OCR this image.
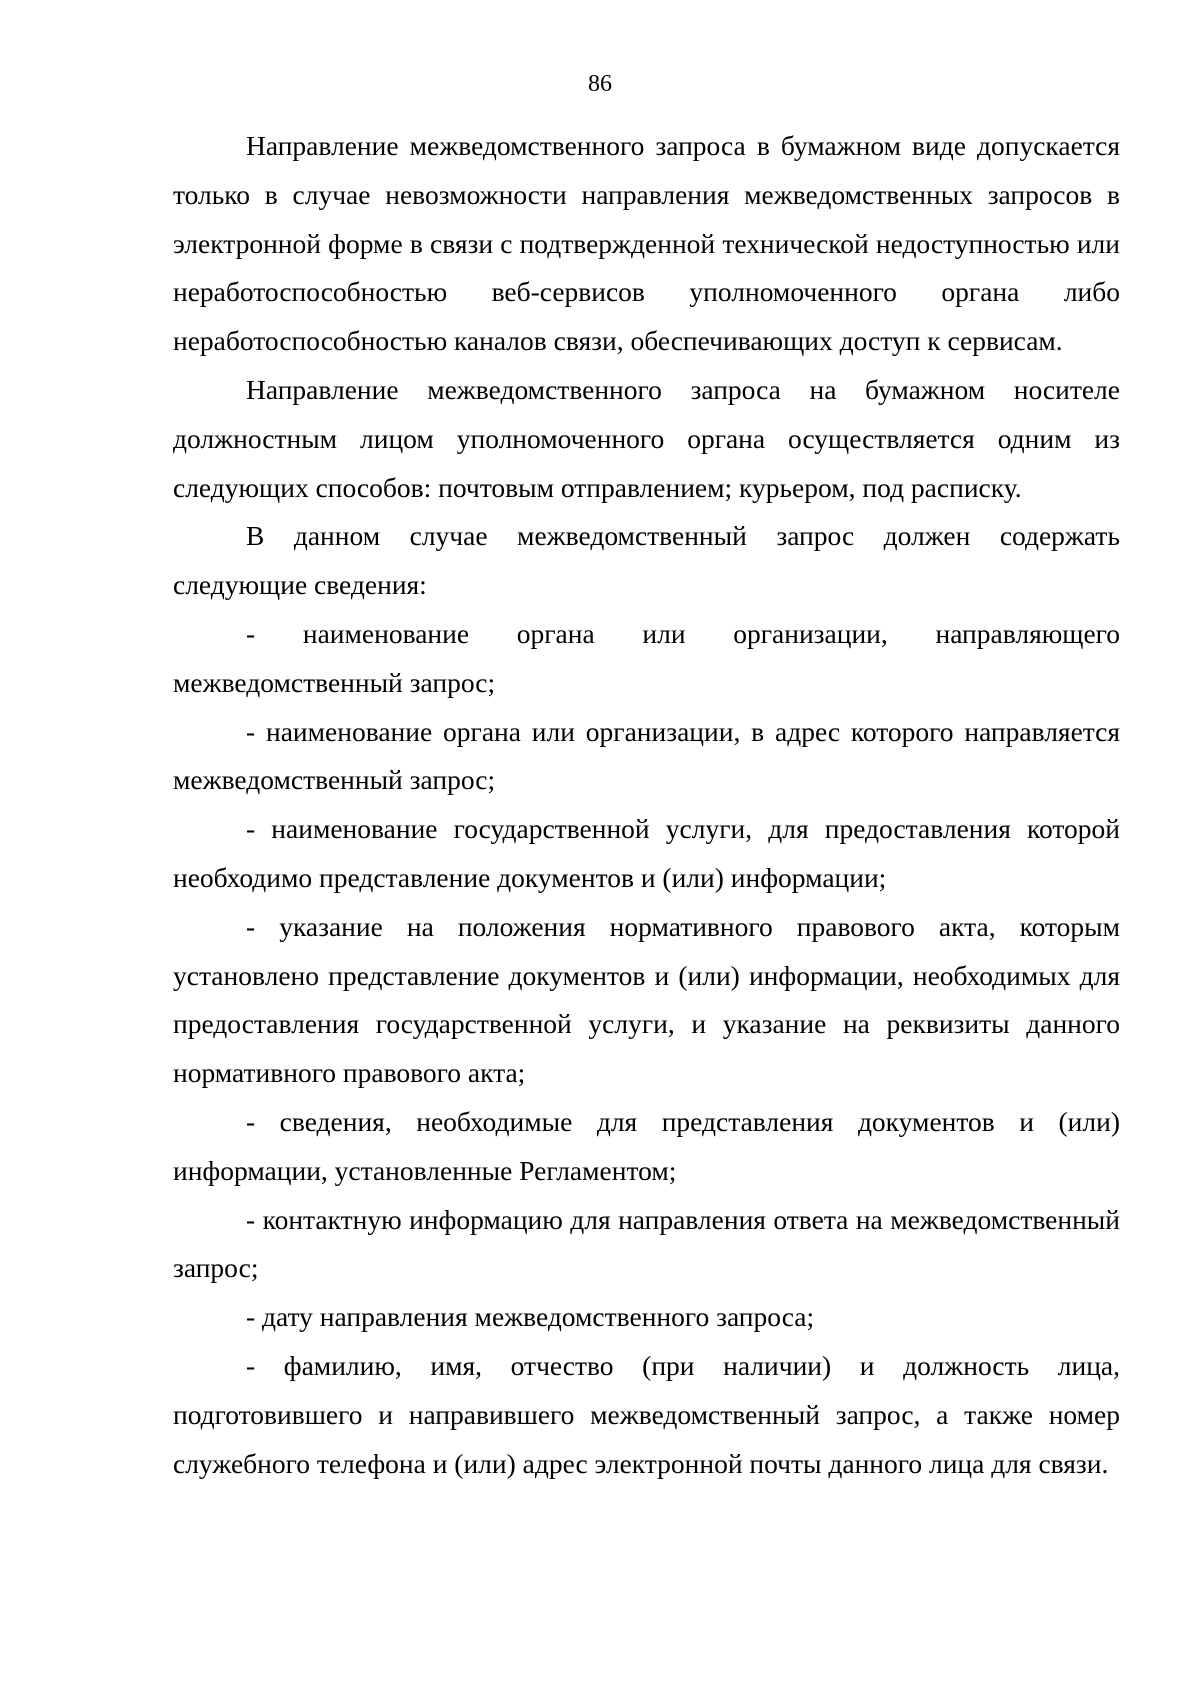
86

Направление межведомственного запроса в бумажном виде допускается только в случае невозможности направления межведомственных запросов в электронной форме в связи с подтвержденной технической недоступностью или неработоспособностью веб-сервисов уполномоченного органа либо неработоспособностью каналов связи, обеспечивающих доступ к сервисам.

Направление межведомственного запроса на бумажном носителе должностным лицом уполномоченного органа осуществляется одним из следующих способов: почтовым отправлением; курьером, под расписку.

В данном случае межведомственный запрос должен содержать следующие сведения:

- наименование органа или организации, направляющего межведомственный запрос;

- наименование органа или организации, в адрес которого направляется межведомственный запрос;

- наименование государственной услуги, для предоставления которой необходимо представление документов и (или) информации;

- указание на положения нормативного правового акта, которым установлено представление документов и (или) информации, необходимых для предоставления государственной услуги, и указание на реквизиты данного нормативного правового акта;

- сведения, необходимые для представления документов и (или) информации, установленные Регламентом;

- контактную информацию для направления ответа на межведомственный запрос;

- дату направления межведомственного запроса;

- фамилию, имя, отчество (при наличии) и должность лица, подготовившего и направившего межведомственный запрос, а также номер служебного телефона и (или) адрес электронной почты данного лица для связи.
